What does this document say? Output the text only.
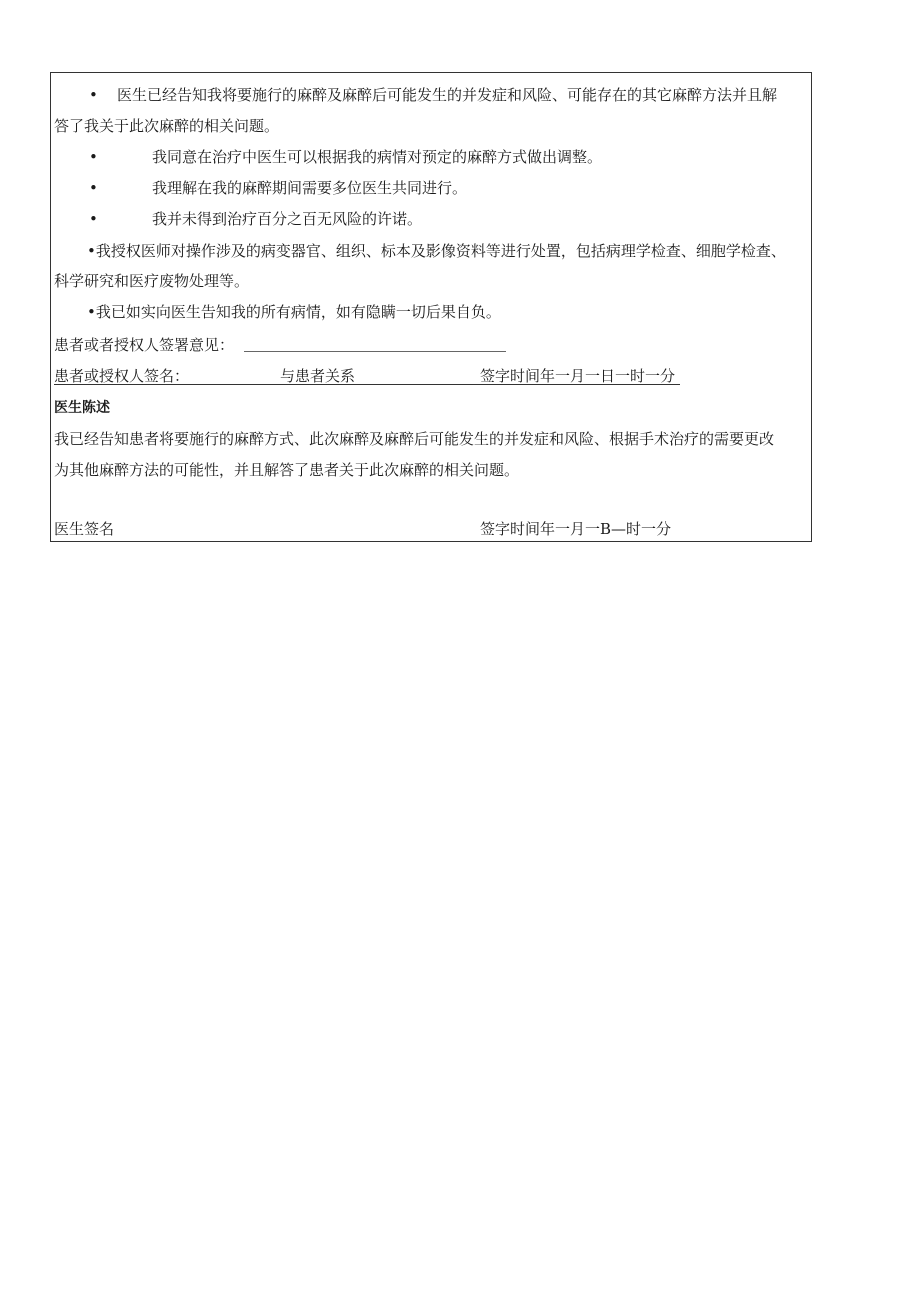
• 医生已经告知我将要施行的麻醉及麻醉后可能发生的并发症和风险、可能存在的其它麻醉方法并且解
答了我关于此次麻醉的相关问题。
•	我同意在治疗中医生可以根据我的病情对预定的麻醉方式做出调整。
•	我理解在我的麻醉期间需要多位医生共同进行。
•	我并未得到治疗百分之百无风险的许诺。
•我授权医师对操作涉及的病变器官、组织、标本及影像资料等进行处置，包括病理学检查、细胞学检查、
科学研究和医疗废物处理等。
•我已如实向医生告知我的所有病情，如有隐瞒一切后果自负。
患者或者授权人签署意见：
患者或授权人签名：	与患者关系	签字时间年一月一日一时一分
医生陈述
我已经告知患者将要施行的麻醉方式、此次麻醉及麻醉后可能发生的并发症和风险、根据手术治疗的需要更改
为其他麻醉方法的可能性，并且解答了患者关于此次麻醉的相关问题。
医生签名	签字时间年一月一B—时一分
